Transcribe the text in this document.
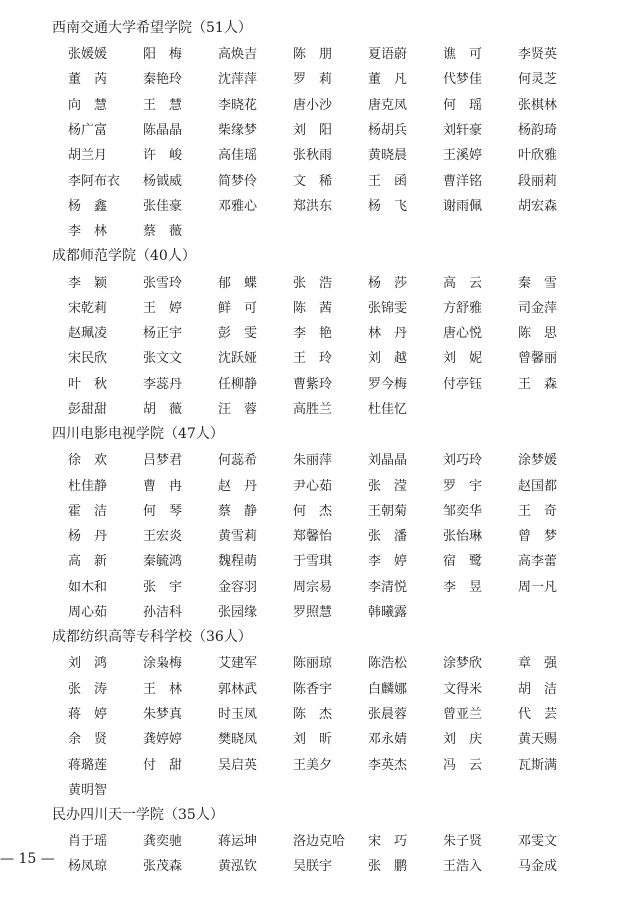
西南交通大学希望学院（51人）
张媛媛	阳　梅	高焕吉	陈　朋	夏语蔚	谯　可	李贤英
董　芮	秦艳玲	沈萍萍	罗　莉	董　凡	代梦佳	何灵芝
向　慧	王　慧	李晓花	唐小沙	唐克凤	何　瑶	张棋林
杨广富	陈晶晶	柴缘梦	刘　阳	杨胡兵	刘轩豪	杨韵琦
胡兰月	许　峻	高佳瑶	张秋雨	黄晓晨	王溪婷	叶欣雅
李阿布衣	杨钺威	简梦伶	文　稀	王　函	曹洋铭	段丽莉
杨　鑫	张佳豪	邓雅心	郑洪东	杨　飞	谢雨佩	胡宏森
李　林	蔡　薇
成都师范学院（40人）
李　颖	张雪玲	郁　蝶	张　浩	杨　莎	高　云	秦　雪
宋乾莉	王　婷	鲜　可	陈　茜	张锦雯	方舒雅	司金萍
赵珮凌	杨正宇	彭　雯	李　艳	林　丹	唐心悦	陈　思
宋民欣	张文文	沈跃娅	王　玲	刘　越	刘　妮	曾馨丽
叶　秋	李蕊丹	任柳静	曹紫玲	罗今梅	付亭钰	王　森
彭甜甜	胡　薇	汪　蓉	高胜兰	杜佳忆
四川电影电视学院（47人）
徐　欢	吕梦君	何蕊希	朱丽萍	刘晶晶	刘巧玲	涂梦媛
杜佳静	曹　冉	赵　丹	尹心茹	张　滢	罗　宇	赵国都
霍　洁	何　琴	蔡　静	何　杰	王朝菊	邹奕华	王　奇
杨　丹	王宏炎	黄雪莉	郑馨怡	张　潘	张怡琳	曾　梦
高　新	秦毓鸿	魏程萌	于雪琪	李　婷	宿　鹭	高李蕾
如木和	张　宇	金容羽	周宗易	李清悦	李　昱	周一凡
周心茹	孙洁科	张园缘	罗照慧	韩曦露
成都纺织高等专科学校（36人）
刘　鸿	涂枭梅	艾建军	陈丽琼	陈浩松	涂梦欣	章　强
张　涛	王　林	郭林武	陈香宇	白麟娜	文得米	胡　洁
蒋　婷	朱梦真	时玉凤	陈　杰	张晨蓉	曾亚兰	代　芸
余　贤	龚婷婷	樊晓凤	刘　昕	邓永婧	刘　庆	黄天赐
蒋璐莲	付　甜	吴启英	王美夕	李英杰	冯　云	瓦斯满
黄明智
民办四川天一学院（35人）
肖于瑶	龚奕驰	蒋运坤	洛边克哈	宋　巧	朱子贤	邓雯文
杨凤琼	张茂森	黄泓钦	吴朕宇	张　鹏	王浩入	马金成
— 15 —
